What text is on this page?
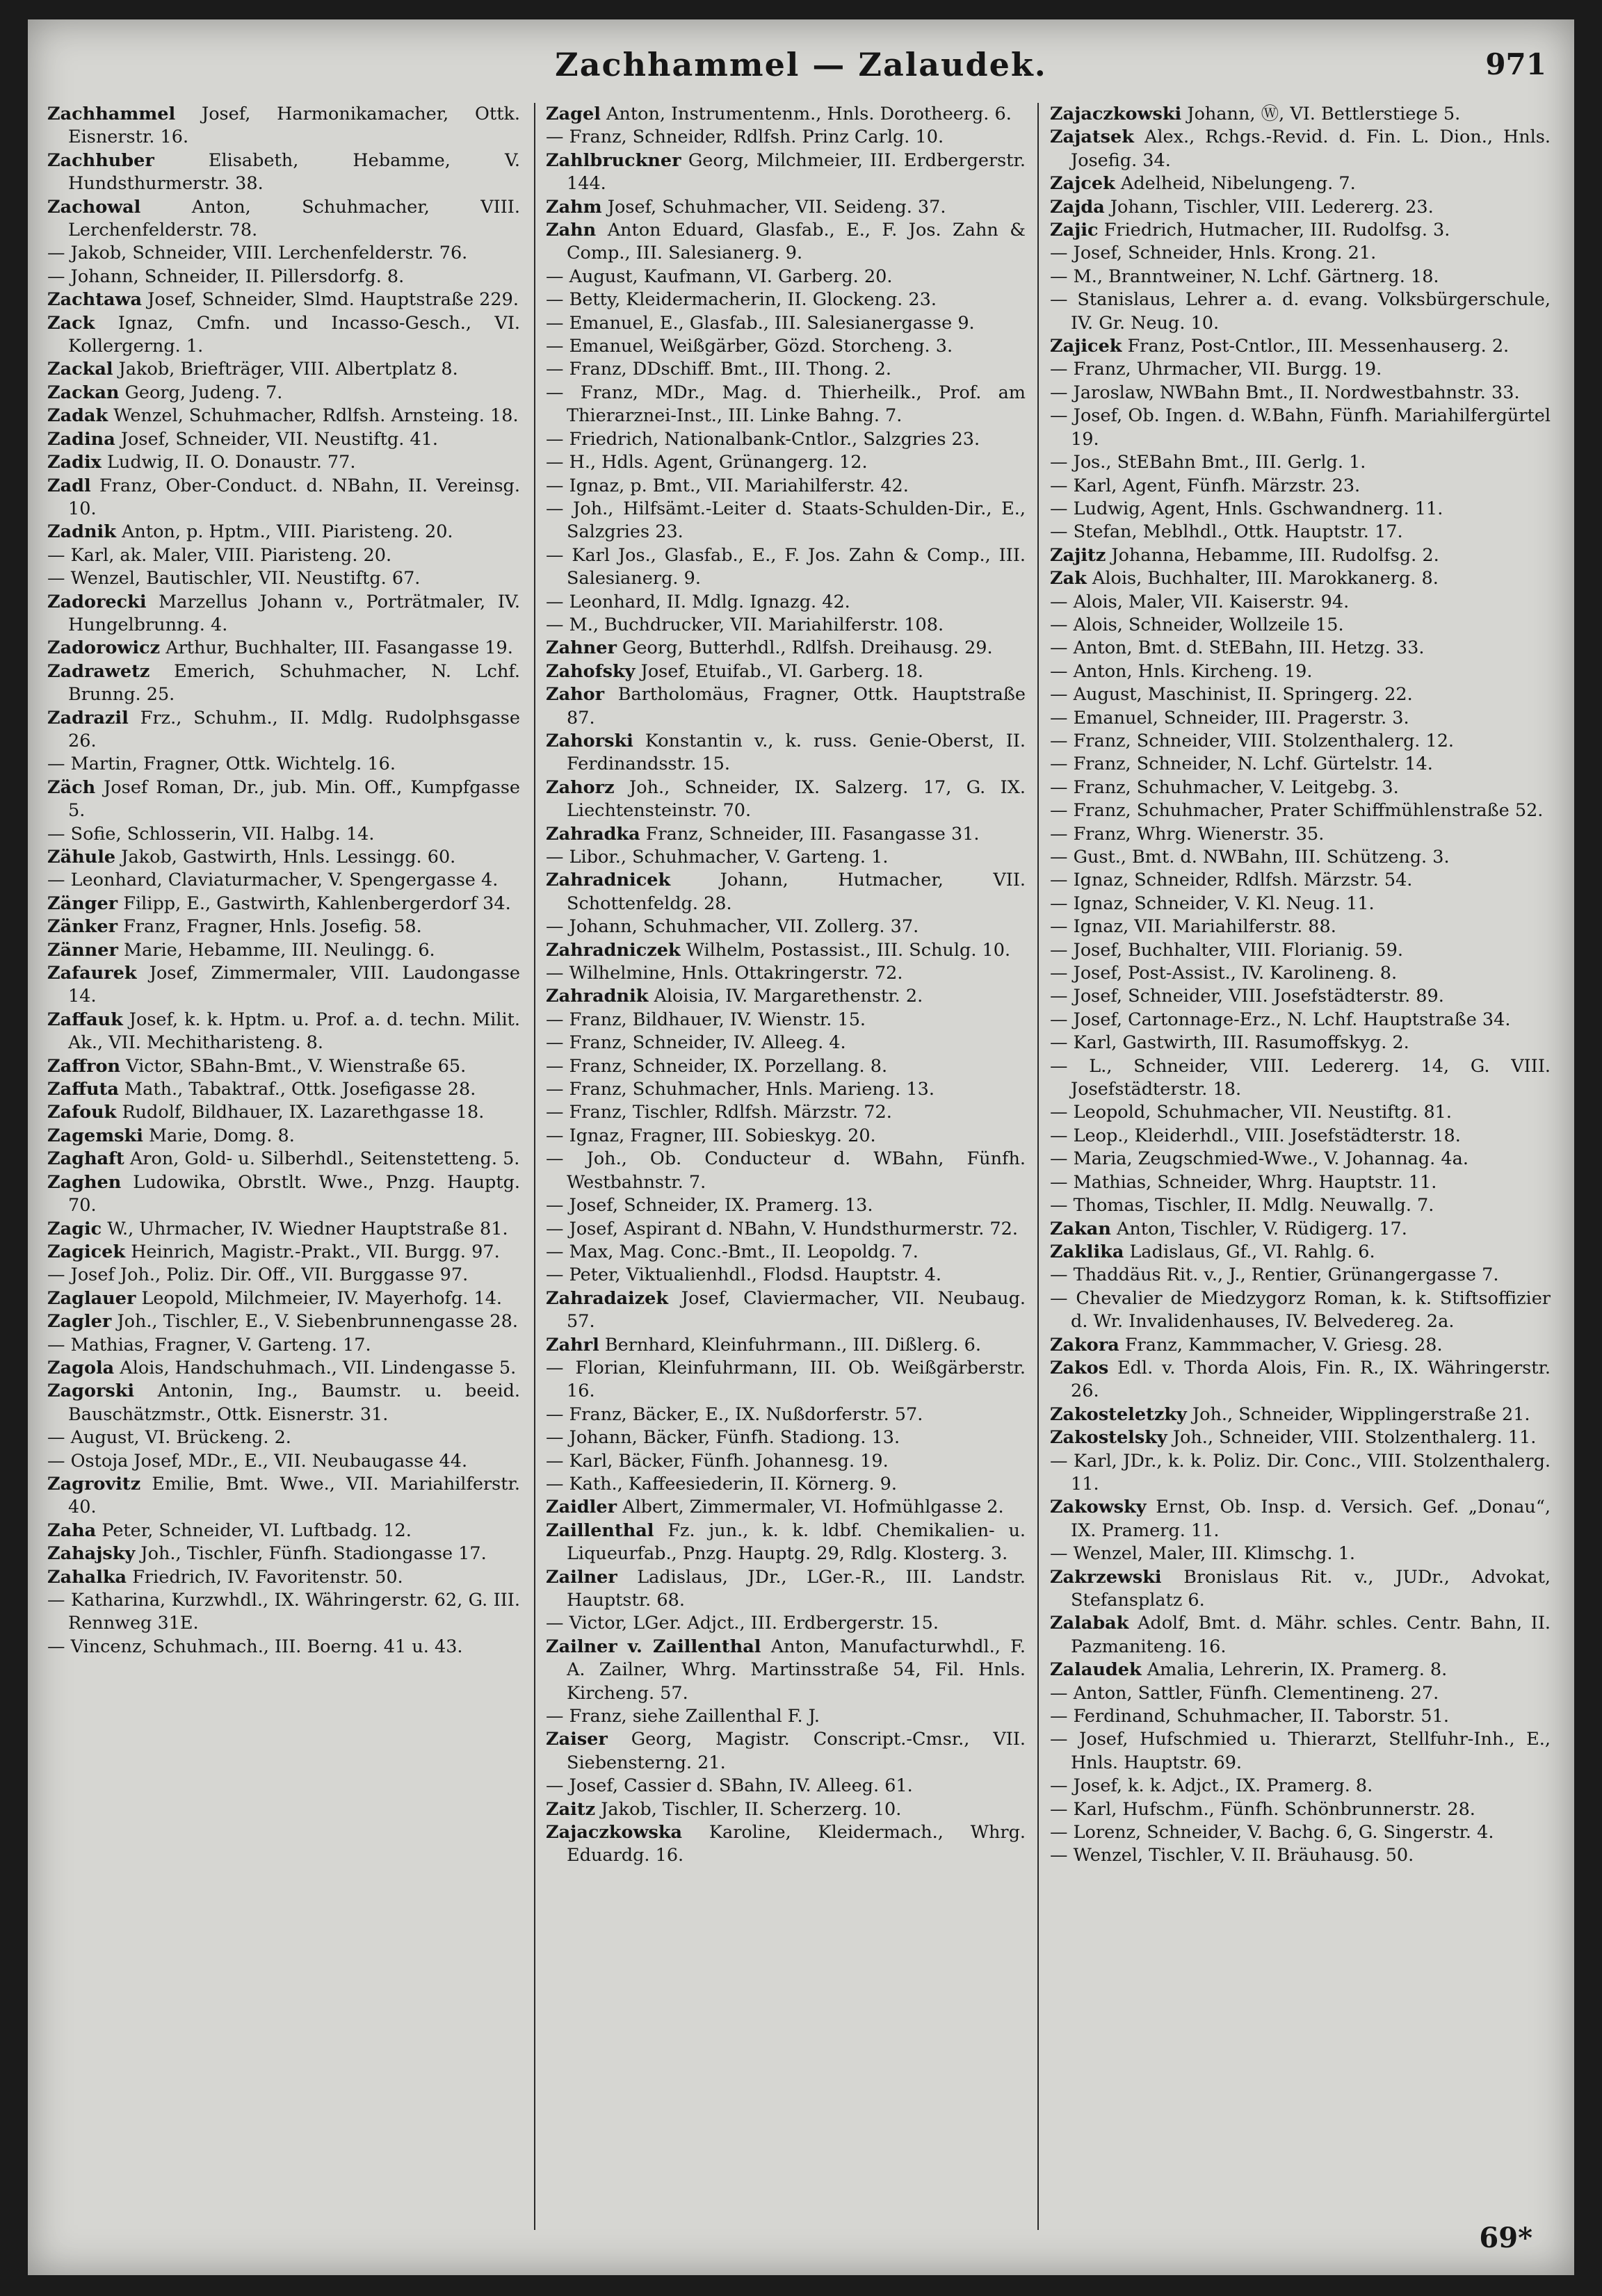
Zachhammel — Zalaudek.	971

Zachhammel Josef, Harmonikamacher, Ottk. Eisnerstr. 16.

Zachhuber	Elisabeth, Hebamme, V. Hundsthurmerstr. 38.

Zachowal	Anton, Schuhmacher, VIII. Lerchenfelderstr. 78.

— Jakob, Schneider, VIII. Lerchenfelderstr. 76.

— Johann, Schneider, II. Pillersdorfg. 8.

Zachtawa Josef, Schneider, Slmd. Hauptstraße 229.

Zack Ignaz, Cmfn. und Incasso-Gesch., VI. Kollergerng. 1.

Zackal Jakob, Briefträger, VIII. Albertplatz 8.

Zackan Georg, Judeng. 7.

Zadak Wenzel, Schuhmacher, Rdlfsh. Arnsteing. 18.

Zadina Josef, Schneider, VII. Neustiftg. 41.

Zadix Ludwig, II. O. Donaustr. 77.

Zadl Franz, Ober-Conduct. d. NBahn, II. Vereinsg. 10.

Zadnik Anton, p. Hptm., VIII. Piaristeng. 20.

— Karl, ak. Maler, VIII. Piaristeng. 20.

— Wenzel, Bautischler, VII. Neustiftg. 67.

Zadorecki Marzellus Johann v., Porträtmaler, IV. Hungelbrunng. 4.

Zadorowicz Arthur, Buchhalter, III. Fasangasse 19.

Zadrawetz Emerich, Schuhmacher, N. Lchf. Brunng. 25.

Zadrazil Frz., Schuhm., II. Mdlg. Rudolphsgasse 26.

— Martin, Fragner, Ottk. Wichtelg. 16.

Zäch Josef Roman, Dr., jub. Min. Off., Kumpfgasse 5.

— Sofie, Schlosserin, VII. Halbg. 14.

Zähule Jakob, Gastwirth, Hnls. Lessingg. 60.

— Leonhard, Claviaturmacher, V. Spengergasse 4.

Zänger Filipp, E., Gastwirth, Kahlenbergerdorf 34.

Zänker Franz, Fragner, Hnls. Josefig. 58.

Zänner Marie, Hebamme, III. Neulingg. 6.

Zafaurek Josef, Zimmermaler, VIII. Laudongasse 14.

Zaffauk Josef, k. k. Hptm. u. Prof. a. d. techn. Milit. Ak., VII. Mechitharisteng. 8.

Zaffron Victor, SBahn-Bmt., V. Wienstraße 65.

Zaffuta Math., Tabaktraf., Ottk. Josefigasse 28.

Zafouk Rudolf, Bildhauer, IX. Lazarethgasse 18.

Zagemski Marie, Domg. 8.

Zaghaft Aron, Gold- u. Silberhdl., Seitenstetteng. 5.

Zaghen Ludowika, Obrstlt. Wwe., Pnzg. Hauptg. 70.

Zagic W., Uhrmacher, IV. Wiedner Hauptstraße 81.

Zagicek Heinrich, Magistr.-Prakt., VII. Burgg. 97.

— Josef Joh., Poliz. Dir. Off., VII. Burggasse 97.

Zaglauer Leopold, Milchmeier, IV. Mayerhofg. 14.

Zagler Joh., Tischler, E., V. Siebenbrunnengasse 28.

— Mathias, Fragner, V. Garteng. 17.

Zagola Alois, Handschuhmach., VII. Lindengasse 5.

Zagorski Antonin, Ing., Baumstr. u. beeid. Bauschätzmstr., Ottk. Eisnerstr. 31.

— August, VI. Brückeng. 2.

— Ostoja Josef, MDr., E., VII. Neubaugasse 44.

Zagrovitz Emilie, Bmt. Wwe., VII. Mariahilferstr. 40.

Zaha Peter, Schneider, VI. Luftbadg. 12.

Zahajsky Joh., Tischler, Fünfh. Stadiongasse 17.

Zahalka Friedrich, IV. Favoritenstr. 50.

— Katharina, Kurzwhdl., IX. Währingerstr. 62, G. III. Rennweg 31E.

— Vincenz, Schuhmach., III. Boerng. 41 u. 43.

Zagel Anton, Instrumentenm., Hnls. Dorotheerg. 6.

— Franz, Schneider, Rdlfsh. Prinz Carlg. 10.

Zahlbruckner Georg, Milchmeier, III. Erdbergerstr. 144.

Zahm Josef, Schuhmacher, VII. Seideng. 37.

Zahn Anton Eduard, Glasfab., E., F. Jos. Zahn & Comp., III. Salesianerg. 9.

— August, Kaufmann, VI. Garberg. 20.

— Betty, Kleidermacherin, II. Glockeng. 23.

— Emanuel, E., Glasfab., III. Salesianergasse 9.

— Emanuel, Weißgärber, Gözd. Storcheng. 3.

— Franz, DDschiff. Bmt., III. Thong. 2.

— Franz, MDr., Mag. d. Thierheilk., Prof. am Thierarznei-Inst., III. Linke Bahng. 7.

— Friedrich, Nationalbank-Cntlor., Salzgries 23.

— H., Hdls. Agent, Grünangerg. 12.

— Ignaz, p. Bmt., VII. Mariahilferstr. 42.

— Joh., Hilfsämt.-Leiter d. Staats-Schulden-Dir., E., Salzgries 23.

— Karl Jos., Glasfab., E., F. Jos. Zahn & Comp., III. Salesianerg. 9.

— Leonhard, II. Mdlg. Ignazg. 42.

— M., Buchdrucker, VII. Mariahilferstr. 108.

Zahner Georg, Butterhdl., Rdlfsh. Dreihausg. 29.

Zahofsky Josef, Etuifab., VI. Garberg. 18.

Zahor Bartholomäus, Fragner, Ottk. Hauptstraße 87.

Zahorski Konstantin v., k. russ. Genie-Oberst, II. Ferdinandsstr. 15.

Zahorz Joh., Schneider, IX. Salzerg. 17, G. IX. Liechtensteinstr. 70.

Zahradka Franz, Schneider, III. Fasangasse 31.

— Libor., Schuhmacher, V. Garteng. 1.

Zahradnicek	Johann, Hutmacher, VII. Schottenfeldg. 28.

— Johann, Schuhmacher, VII. Zollerg. 37.

Zahradniczek Wilhelm, Postassist., III. Schulg. 10.

— Wilhelmine, Hnls. Ottakringerstr. 72.

Zahradnik Aloisia, IV. Margarethenstr. 2.

— Franz, Bildhauer, IV. Wienstr. 15.

— Franz, Schneider, IV. Alleeg. 4.

— Franz, Schneider, IX. Porzellang. 8.

— Franz, Schuhmacher, Hnls. Marieng. 13.

— Franz, Tischler, Rdlfsh. Märzstr. 72.

— Ignaz, Fragner, III. Sobieskyg. 20.

— Joh., Ob. Conducteur d. WBahn, Fünfh. Westbahnstr. 7.

— Josef, Schneider, IX. Pramerg. 13.

— Josef, Aspirant d. NBahn, V. Hundsthurmerstr. 72.

— Max, Mag. Conc.-Bmt., II. Leopoldg. 7.

— Peter, Viktualienhdl., Flodsd. Hauptstr. 4.

Zahradaizek Josef, Claviermacher, VII. Neubaug. 57.

Zahrl Bernhard, Kleinfuhrmann., III. Dißlerg. 6.

— Florian, Kleinfuhrmann, III. Ob. Weißgärberstr. 16.

— Franz, Bäcker, E., IX. Nußdorferstr. 57.

— Johann, Bäcker, Fünfh. Stadiong. 13.

— Karl, Bäcker, Fünfh. Johannesg. 19.

— Kath., Kaffeesiederin, II. Körnerg. 9.

Zaidler Albert, Zimmermaler, VI. Hofmühlgasse 2.

Zaillenthal Fz. jun., k. k. ldbf. Chemikalien- u. Liqueurfab., Pnzg. Hauptg. 29, Rdlg. Klosterg. 3.

Zailner Ladislaus, JDr., LGer.-R., III. Landstr. Hauptstr. 68.

— Victor, LGer. Adjct., III. Erdbergerstr. 15.

Zailner v. Zaillenthal Anton, Manufacturwhdl., F. A. Zailner, Whrg. Martinsstraße 54, Fil. Hnls. Kircheng. 57.

— Franz, siehe Zaillenthal F. J.

Zaiser Georg, Magistr. Conscript.-Cmsr., VII. Siebensterng. 21.

— Josef, Cassier d. SBahn, IV. Alleeg. 61.

Zaitz Jakob, Tischler, II. Scherzerg. 10.

Zajaczkowska Karoline, Kleidermach., Whrg. Eduardg. 16.

Zajaczkowski Johann, Ⓦ, VI. Bettlerstiege 5.

Zajatsek Alex., Rchgs.-Revid. d. Fin. L. Dion., Hnls. Josefig. 34.

Zajcek Adelheid, Nibelungeng. 7.

Zajda Johann, Tischler, VIII. Ledererg. 23.

Zajic Friedrich, Hutmacher, III. Rudolfsg. 3.

— Josef, Schneider, Hnls. Krong. 21.

— M., Branntweiner, N. Lchf. Gärtnerg. 18.

— Stanislaus, Lehrer a. d. evang. Volksbürgerschule, IV. Gr. Neug. 10.

Zajicek Franz, Post-Cntlor., III. Messenhauserg. 2.

— Franz, Uhrmacher, VII. Burgg. 19.

— Jaroslaw, NWBahn Bmt., II. Nordwestbahnstr. 33.

— Josef, Ob. Ingen. d. W.Bahn, Fünfh. Mariahilfergürtel 19.

— Jos., StEBahn Bmt., III. Gerlg. 1.

— Karl, Agent, Fünfh. Märzstr. 23.

— Ludwig, Agent, Hnls. Gschwandnerg. 11.

— Stefan, Meblhdl., Ottk. Hauptstr. 17.

Zajitz Johanna, Hebamme, III. Rudolfsg. 2.

Zak Alois, Buchhalter, III. Marokkanerg. 8.

— Alois, Maler, VII. Kaiserstr. 94.

— Alois, Schneider, Wollzeile 15.

— Anton, Bmt. d. StEBahn, III. Hetzg. 33.

— Anton, Hnls. Kircheng. 19.

— August, Maschinist, II. Springerg. 22.

— Emanuel, Schneider, III. Pragerstr. 3.

— Franz, Schneider, VIII. Stolzenthalerg. 12.

— Franz, Schneider, N. Lchf. Gürtelstr. 14.

— Franz, Schuhmacher, V. Leitgebg. 3.

— Franz, Schuhmacher, Prater Schiffmühlenstraße 52.

— Franz, Whrg. Wienerstr. 35.

— Gust., Bmt. d. NWBahn, III. Schützeng. 3.

— Ignaz, Schneider, Rdlfsh. Märzstr. 54.

— Ignaz, Schneider, V. Kl. Neug. 11.

— Ignaz, VII. Mariahilferstr. 88.

— Josef, Buchhalter, VIII. Florianig. 59.

— Josef, Post-Assist., IV. Karolineng. 8.

— Josef, Schneider, VIII. Josefstädterstr. 89.

— Josef, Cartonnage-Erz., N. Lchf. Hauptstraße 34.

— Karl, Gastwirth, III. Rasumoffskyg. 2.

— L., Schneider, VIII. Ledererg. 14, G. VIII. Josefstädterstr. 18.

— Leopold, Schuhmacher, VII. Neustiftg. 81.

— Leop., Kleiderhdl., VIII. Josefstädterstr. 18.

— Maria, Zeugschmied-Wwe., V. Johannag. 4a.

— Mathias, Schneider, Whrg. Hauptstr. 11.

— Thomas, Tischler, II. Mdlg. Neuwallg. 7.

Zakan Anton, Tischler, V. Rüdigerg. 17.

Zaklika Ladislaus, Gf., VI. Rahlg. 6.

— Thaddäus Rit. v., J., Rentier, Grünangergasse 7.

— Chevalier de Miedzygorz Roman, k. k. Stiftsoffizier d. Wr. Invalidenhauses, IV. Belvedereg. 2a.

Zakora Franz, Kammmacher, V. Griesg. 28.

Zakos Edl. v. Thorda Alois, Fin. R., IX. Währingerstr. 26.

Zakosteletzky Joh., Schneider, Wipplingerstraße 21.

Zakostelsky Joh., Schneider, VIII. Stolzenthalerg. 11.

— Karl, JDr., k. k. Poliz. Dir. Conc., VIII. Stolzenthalerg. 11.

Zakowsky Ernst, Ob. Insp. d. Versich. Gef. „Donau“, IX. Pramerg. 11.

— Wenzel, Maler, III. Klimschg. 1.

Zakrzewski Bronislaus Rit. v., JUDr., Advokat, Stefansplatz 6.

Zalabak Adolf, Bmt. d. Mähr. schles. Centr. Bahn, II. Pazmaniteng. 16.

Zalaudek Amalia, Lehrerin, IX. Pramerg. 8.

— Anton, Sattler, Fünfh. Clementineng. 27.

— Ferdinand, Schuhmacher, II. Taborstr. 51.

— Josef, Hufschmied u. Thierarzt, Stellfuhr-Inh., E., Hnls. Hauptstr. 69.

— Josef, k. k. Adjct., IX. Pramerg. 8.

— Karl, Hufschm., Fünfh. Schönbrunnerstr. 28.

— Lorenz, Schneider, V. Bachg. 6, G. Singerstr. 4.

— Wenzel, Tischler, V. II. Bräuhausg. 50.

69*
